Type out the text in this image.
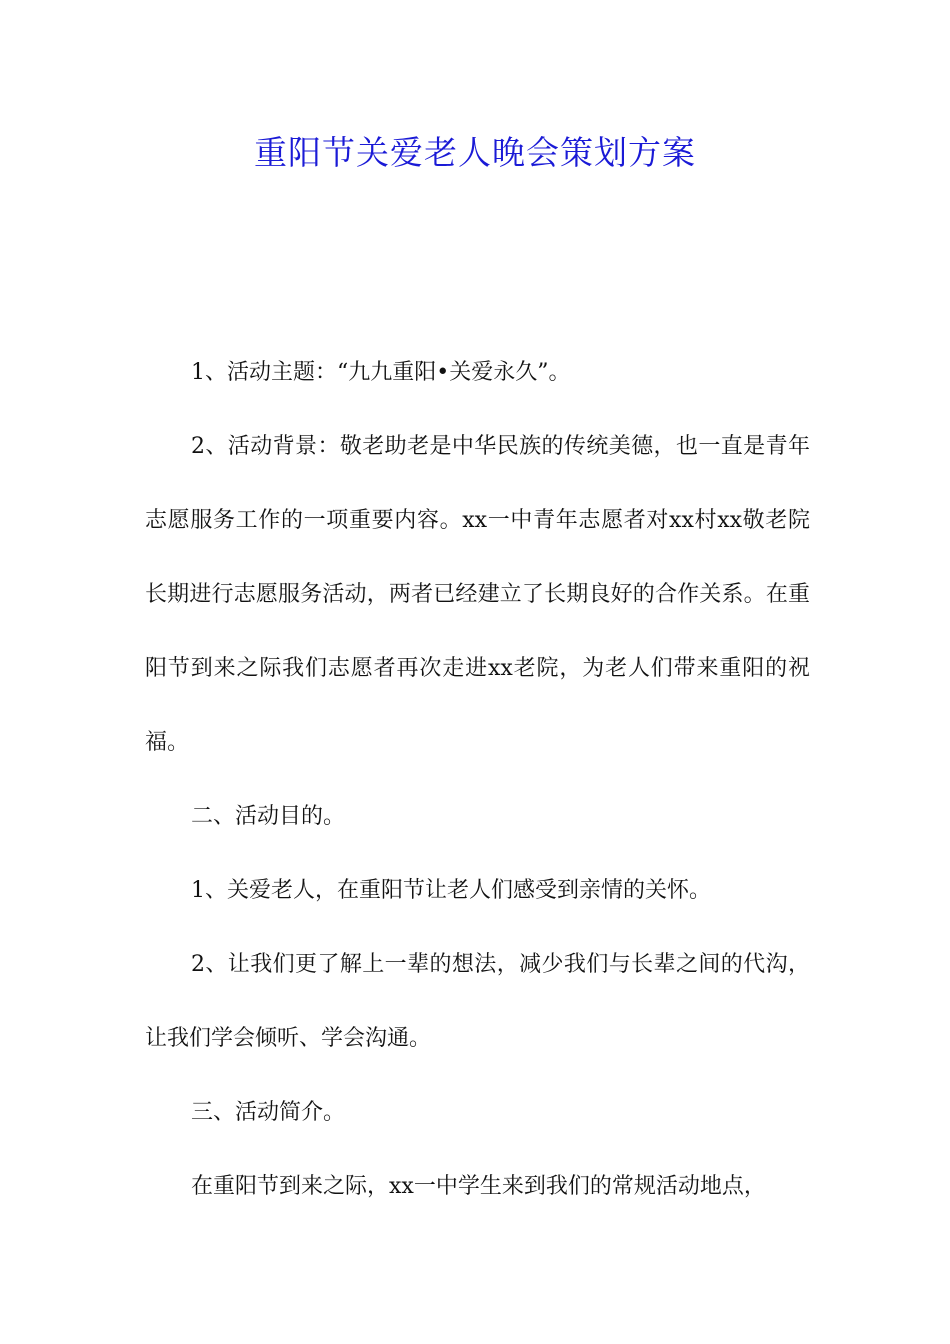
重阳节关爱老人晚会策划方案

1、活动主题：“九九重阳•关爱永久”。

2、活动背景：敬老助老是中华民族的传统美德，也一直是青年志愿服务工作的一项重要内容。xx一中青年志愿者对xx村xx敬老院长期进行志愿服务活动，两者已经建立了长期良好的合作关系。在重阳节到来之际我们志愿者再次走进xx老院，为老人们带来重阳的祝福。

二、活动目的。

1、关爱老人，在重阳节让老人们感受到亲情的关怀。

2、让我们更了解上一辈的想法，减少我们与长辈之间的代沟，让我们学会倾听、学会沟通。

三、活动简介。

在重阳节到来之际，xx一中学生来到我们的常规活动地点，
